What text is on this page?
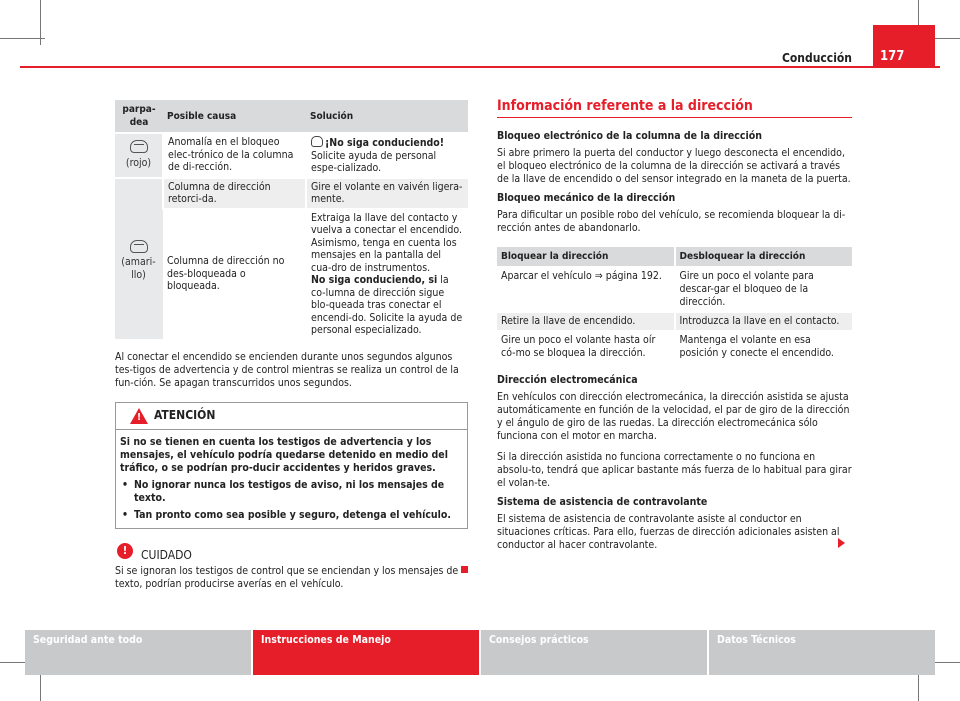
Conducción	177
parpa-dea	Posible causa	Solución

(rojo)	Anomalía en el bloqueo elec-trónico de la columna de di-rección.	¡No siga conduciendo!
Solicite ayuda de personal espe-cializado.

(amari-llo)	Columna de dirección retorci-da.	Gire el volante en vaivén ligera-mente.
	Columna de dirección no des-bloqueada o bloqueada.	Extraiga la llave del contacto y vuelva a conectar el encendido. Asimismo, tenga en cuenta los mensajes en la pantalla del cua-dro de instrumentos.
No siga conduciendo, si la co-lumna de dirección sigue blo-queada tras conectar el encendi-do. Solicite la ayuda de personal especializado.

Al conectar el encendido se encienden durante unos segundos algunos tes-tigos de advertencia y de control mientras se realiza un control de la fun-ción. Se apagan transcurridos unos segundos.

! ATENCIÓN

Si no se tienen en cuenta los testigos de advertencia y los mensajes, el vehículo podría quedarse detenido en medio del tráfico, o se podrían pro-ducir accidentes y heridos graves.

• No ignorar nunca los testigos de aviso, ni los mensajes de texto.
• Tan pronto como sea posible y seguro, detenga el vehículo.
!	CUIDADO

Si se ignoran los testigos de control que se enciendan y los mensajes de texto, podrían producirse averías en el vehículo.

Información referente a la dirección

Bloqueo electrónico de la columna de la dirección

Si abre primero la puerta del conductor y luego desconecta el encendido, el bloqueo electrónico de la columna de la dirección se activará a través de la llave de encendido o del sensor integrado en la maneta de la puerta.

Bloqueo mecánico de la dirección

Para dificultar un posible robo del vehículo, se recomienda bloquear la di-rección antes de abandonarlo.

Bloquear la dirección	Desbloquear la dirección
Aparcar el vehículo ⇒ página 192.	Gire un poco el volante para descar-gar el bloqueo de la dirección.
Retire la llave de encendido.	Introduzca la llave en el contacto.
Gire un poco el volante hasta oír có-mo se bloquea la dirección.	Mantenga el volante en esa posición y conecte el encendido.

Dirección electromecánica

En vehículos con dirección electromecánica, la dirección asistida se ajusta automáticamente en función de la velocidad, el par de giro de la dirección y el ángulo de giro de las ruedas. La dirección electromecánica sólo funciona con el motor en marcha.

Si la dirección asistida no funciona correctamente o no funciona en absolu-to, tendrá que aplicar bastante más fuerza de lo habitual para girar el volan-te.

Sistema de asistencia de contravolante

El sistema de asistencia de contravolante asiste al conductor en situaciones críticas. Para ello, fuerzas de dirección adicionales asisten al conductor al hacer contravolante.

Seguridad ante todo	Instrucciones de Manejo	Consejos prácticos	Datos Técnicos
